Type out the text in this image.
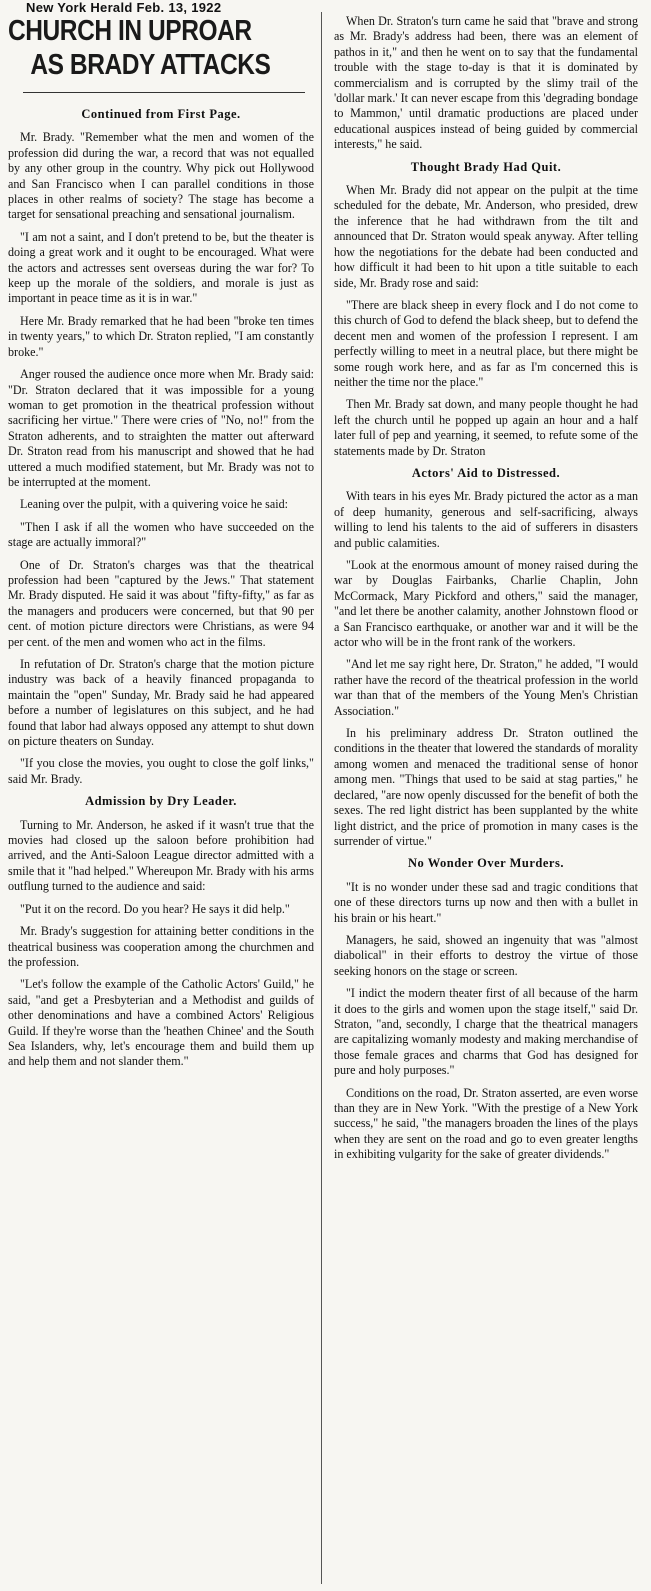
New York Herald Feb. 13, 1922
CHURCH IN UPROAR
AS BRADY ATTACKS
Continued from First Page.

Mr. Brady. "Remember what the men and women of the profession did during the war, a record that was not equalled by any other group in the country. Why pick out Hollywood and San Francisco when I can parallel conditions in those places in other realms of society? The stage has become a target for sensational preaching and sensational journalism.

"I am not a saint, and I don't pretend to be, but the theater is doing a great work and it ought to be encouraged. What were the actors and actresses sent overseas during the war for? To keep up the morale of the soldiers, and morale is just as important in peace time as it is in war."

Here Mr. Brady remarked that he had been "broke ten times in twenty years," to which Dr. Straton replied, "I am constantly broke."

Anger roused the audience once more when Mr. Brady said: "Dr. Straton declared that it was impossible for a young woman to get promotion in the theatrical profession without sacrificing her virtue." There were cries of "No, no!" from the Straton adherents, and to straighten the matter out afterward Dr. Straton read from his manuscript and showed that he had uttered a much modified statement, but Mr. Brady was not to be interrupted at the moment.

Leaning over the pulpit, with a quivering voice he said:

"Then I ask if all the women who have succeeded on the stage are actually immoral?"

One of Dr. Straton's charges was that the theatrical profession had been "captured by the Jews." That statement Mr. Brady disputed. He said it was about "fifty-fifty," as far as the managers and producers were concerned, but that 90 per cent. of motion picture directors were Christians, as were 94 per cent. of the men and women who act in the films.

In refutation of Dr. Straton's charge that the motion picture industry was back of a heavily financed propaganda to maintain the "open" Sunday, Mr. Brady said he had appeared before a number of legislatures on this subject, and he had found that labor had always opposed any attempt to shut down on picture theaters on Sunday.

"If you close the movies, you ought to close the golf links," said Mr. Brady.

Admission by Dry Leader.

Turning to Mr. Anderson, he asked if it wasn't true that the movies had closed up the saloon before prohibition had arrived, and the Anti-Saloon League director admitted with a smile that it "had helped." Whereupon Mr. Brady with his arms outflung turned to the audience and said:

"Put it on the record. Do you hear? He says it did help."

Mr. Brady's suggestion for attaining better conditions in the theatrical business was cooperation among the churchmen and the profession.

"Let's follow the example of the Catholic Actors' Guild," he said, "and get a Presbyterian and a Methodist and guilds of other denominations and have a combined Actors' Religious Guild. If they're worse than the 'heathen Chinee' and the South Sea Islanders, why, let's encourage them and build them up and help them and not slander them."

When Dr. Straton's turn came he said that "brave and strong as Mr. Brady's address had been, there was an element of pathos in it," and then he went on to say that the fundamental trouble with the stage to-day is that it is dominated by commercialism and is corrupted by the slimy trail of the 'dollar mark.' It can never escape from this 'degrading bondage to Mammon,' until dramatic productions are placed under educational auspices instead of being guided by commercial interests," he said.

Thought Brady Had Quit.

When Mr. Brady did not appear on the pulpit at the time scheduled for the debate, Mr. Anderson, who presided, drew the inference that he had withdrawn from the tilt and announced that Dr. Straton would speak anyway. After telling how the negotiations for the debate had been conducted and how difficult it had been to hit upon a title suitable to each side, Mr. Brady rose and said:

"There are black sheep in every flock and I do not come to this church of God to defend the black sheep, but to defend the decent men and women of the profession I represent. I am perfectly willing to meet in a neutral place, but there might be some rough work here, and as far as I'm concerned this is neither the time nor the place."

Then Mr. Brady sat down, and many people thought he had left the church until he popped up again an hour and a half later full of pep and yearning, it seemed, to refute some of the statements made by Dr. Straton

Actors' Aid to Distressed.

With tears in his eyes Mr. Brady pictured the actor as a man of deep humanity, generous and self-sacrificing, always willing to lend his talents to the aid of sufferers in disasters and public calamities.

"Look at the enormous amount of money raised during the war by Douglas Fairbanks, Charlie Chaplin, John McCormack, Mary Pickford and others," said the manager, "and let there be another calamity, another Johnstown flood or a San Francisco earthquake, or another war and it will be the actor who will be in the front rank of the workers.

"And let me say right here, Dr. Straton," he added, "I would rather have the record of the theatrical profession in the world war than that of the members of the Young Men's Christian Association."

In his preliminary address Dr. Straton outlined the conditions in the theater that lowered the standards of morality among women and menaced the traditional sense of honor among men. "Things that used to be said at stag parties," he declared, "are now openly discussed for the benefit of both the sexes. The red light district has been supplanted by the white light district, and the price of promotion in many cases is the surrender of virtue."

No Wonder Over Murders.

"It is no wonder under these sad and tragic conditions that one of these directors turns up now and then with a bullet in his brain or his heart."

Managers, he said, showed an ingenuity that was "almost diabolical" in their efforts to destroy the virtue of those seeking honors on the stage or screen.

"I indict the modern theater first of all because of the harm it does to the girls and women upon the stage itself," said Dr. Straton, "and, secondly, I charge that the theatrical managers are capitalizing womanly modesty and making merchandise of those female graces and charms that God has designed for pure and holy purposes."

Conditions on the road, Dr. Straton asserted, are even worse than they are in New York. "With the prestige of a New York success," he said, "the managers broaden the lines of the plays when they are sent on the road and go to even greater lengths in exhibiting vulgarity for the sake of greater dividends."
